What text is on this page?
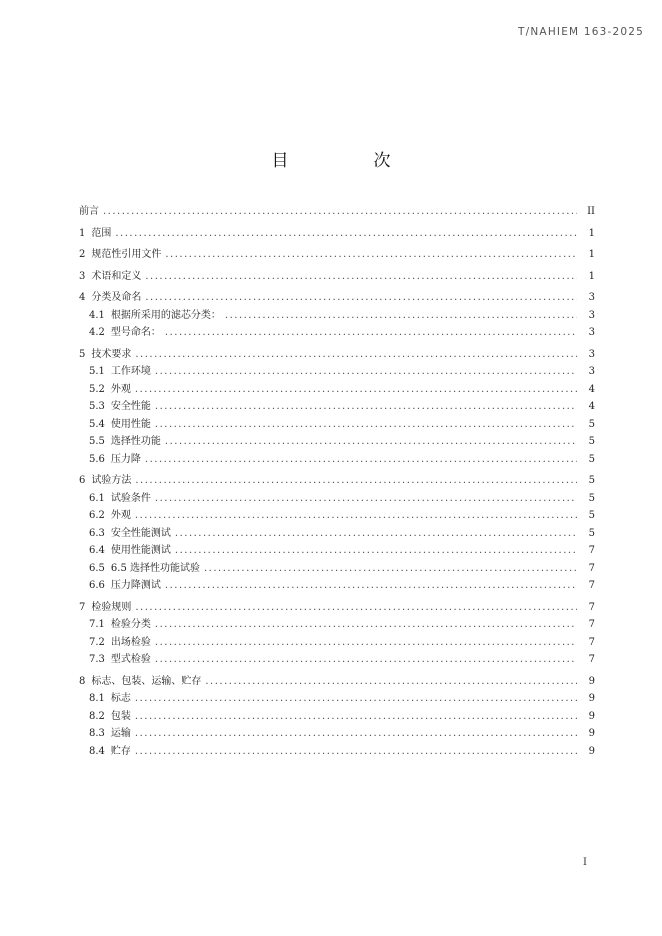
T/NAHIEM 163-2025
目　次
前言 .....	II
1 范围 .....	1
2 规范性引用文件 .....	1
3 术语和定义 .....	1
4 分类及命名 .....	3
4.1 根据所采用的滤芯分类： .....	3
4.2 型号命名： .....	3
5 技术要求 .....	3
5.1 工作环境 .....	3
5.2 外观 .....	4
5.3 安全性能 .....	4
5.4 使用性能 .....	5
5.5 选择性功能 .....	5
5.6 压力降 .....	5
6 试验方法 .....	5
6.1 试验条件 .....	5
6.2 外观 .....	5
6.3 安全性能测试 .....	5
6.4 使用性能测试 .....	7
6.5 6.5 选择性功能试验 .....	7
6.6 压力降测试 .....	7
7 检验规则 .....	7
7.1 检验分类 .....	7
7.2 出场检验 .....	7
7.3 型式检验 .....	7
8 标志、包装、运输、贮存 .....	9
8.1 标志 .....	9
8.2 包装 .....	9
8.3 运输 .....	9
8.4 贮存 .....	9
I
